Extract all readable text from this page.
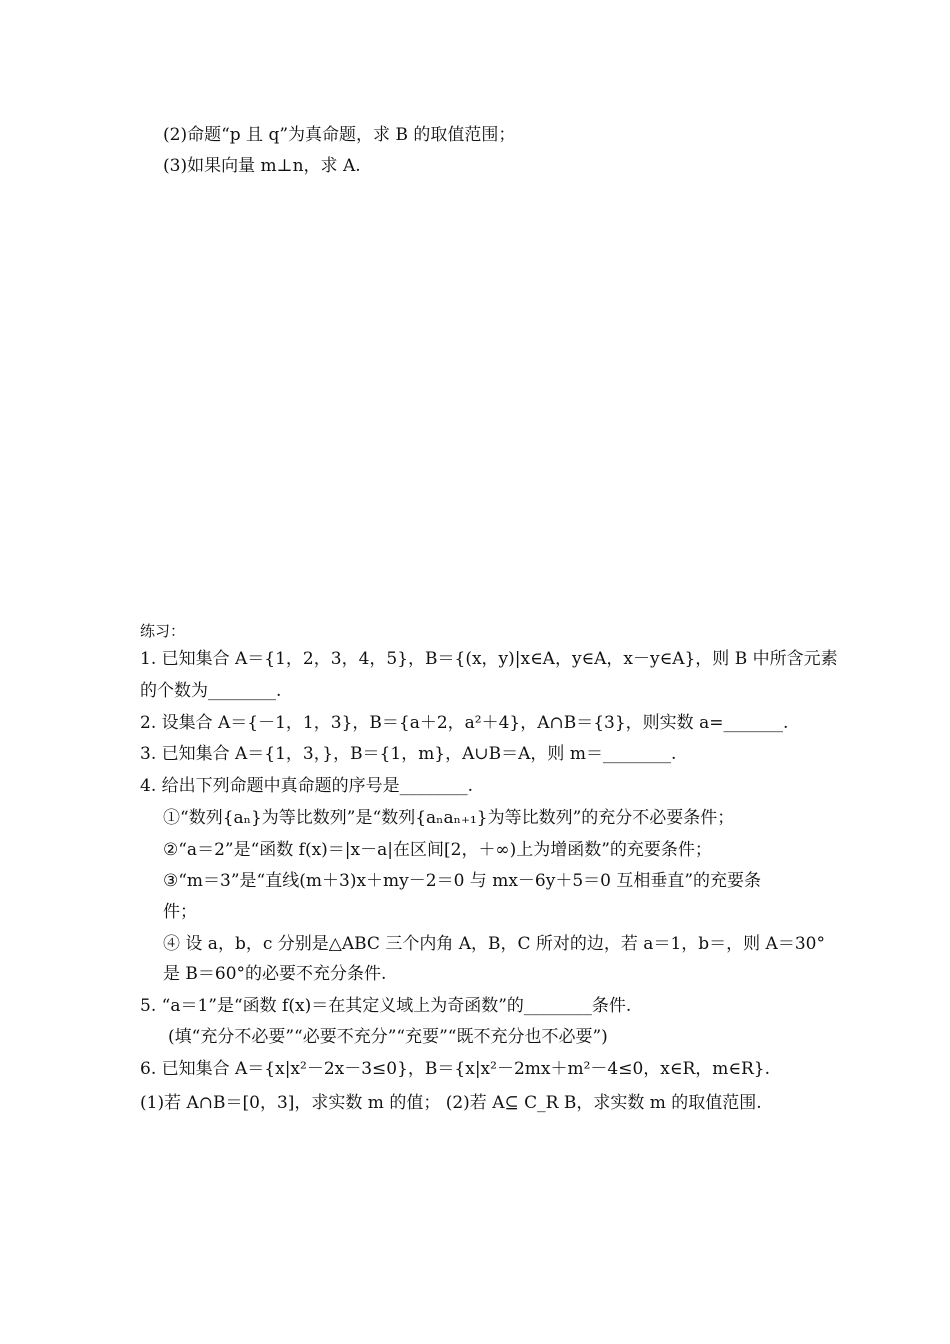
(2)命题“p 且 q”为真命题，求 B 的取值范围；
(3)如果向量 m⊥n，求 A.
练习：
1. 已知集合 A＝{1，2，3，4，5}，B＝{(x，y)|x∈A，y∈A，x－y∈A}，则 B 中所含元素
的个数为________.
2. 设集合 A＝{－1，1，3}，B＝{a＋2，a²＋4}，A∩B＝{3}，则实数 a=_______.
3. 已知集合 A＝{1，3，}，B＝{1，m}，A∪B＝A，则 m＝________.
4. 给出下列命题中真命题的序号是________.
①“数列{aₙ}为等比数列”是“数列{aₙaₙ₊₁}为等比数列”的充分不必要条件；
②“a＝2”是“函数 f(x)＝|x－a|在区间[2，＋∞)上为增函数”的充要条件；
③“m＝3”是“直线(m＋3)x＋my－2＝0 与 mx－6y＋5＝0 互相垂直”的充要条
件；
④ 设 a，b，c 分别是△ABC 三个内角 A，B，C 所对的边，若 a＝1，b＝，则 A＝30°
是 B＝60°的必要不充分条件.
5. “a＝1”是“函数 f(x)＝在其定义域上为奇函数”的________条件.
(填“充分不必要”“必要不充分”“充要”“既不充分也不必要”)
6. 已知集合 A＝{x|x²－2x－3≤0}，B＝{x|x²－2mx＋m²－4≤0，x∈R，m∈R}.
(1)若 A∩B＝[0，3]，求实数 m 的值； (2)若 A⊆ C_R B，求实数 m 的取值范围.
